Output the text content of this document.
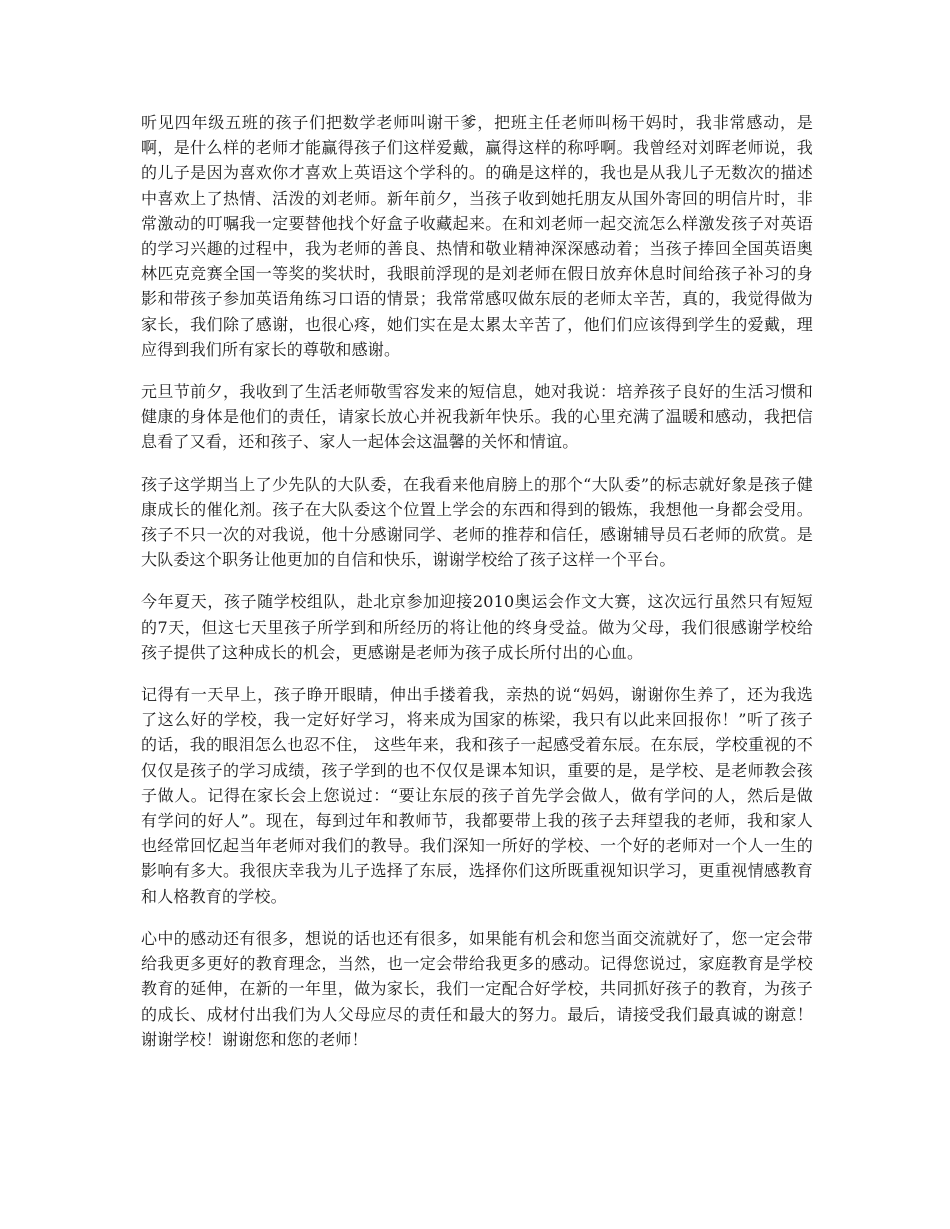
听见四年级五班的孩子们把数学老师叫谢干爹，把班主任老师叫杨干妈时，我非常感动，是啊，是什么样的老师才能赢得孩子们这样爱戴，赢得这样的称呼啊。我曾经对刘晖老师说，我的儿子是因为喜欢你才喜欢上英语这个学科的。的确是这样的，我也是从我儿子无数次的描述中喜欢上了热情、活泼的刘老师。新年前夕，当孩子收到她托朋友从国外寄回的明信片时，非常激动的叮嘱我一定要替他找个好盒子收藏起来。在和刘老师一起交流怎么样激发孩子对英语的学习兴趣的过程中，我为老师的善良、热情和敬业精神深深感动着；当孩子捧回全国英语奥林匹克竞赛全国一等奖的奖状时，我眼前浮现的是刘老师在假日放弃休息时间给孩子补习的身影和带孩子参加英语角练习口语的情景；我常常感叹做东辰的老师太辛苦，真的，我觉得做为家长，我们除了感谢，也很心疼，她们实在是太累太辛苦了，他们们应该得到学生的爱戴，理应得到我们所有家长的尊敬和感谢。

元旦节前夕，我收到了生活老师敬雪容发来的短信息，她对我说：培养孩子良好的生活习惯和健康的身体是他们的责任，请家长放心并祝我新年快乐。我的心里充满了温暖和感动，我把信息看了又看，还和孩子、家人一起体会这温馨的关怀和情谊。

孩子这学期当上了少先队的大队委，在我看来他肩膀上的那个“大队委”的标志就好象是孩子健康成长的催化剂。孩子在大队委这个位置上学会的东西和得到的锻炼，我想他一身都会受用。孩子不只一次的对我说，他十分感谢同学、老师的推荐和信任，感谢辅导员石老师的欣赏。是大队委这个职务让他更加的自信和快乐，谢谢学校给了孩子这样一个平台。

今年夏天，孩子随学校组队，赴北京参加迎接2010奥运会作文大赛，这次远行虽然只有短短的7天，但这七天里孩子所学到和所经历的将让他的终身受益。做为父母，我们很感谢学校给孩子提供了这种成长的机会，更感谢是老师为孩子成长所付出的心血。

记得有一天早上，孩子睁开眼睛，伸出手搂着我，亲热的说“妈妈，谢谢你生养了，还为我选了这么好的学校，我一定好好学习，将来成为国家的栋梁，我只有以此来回报你！”听了孩子的话，我的眼泪怎么也忍不住， 这些年来，我和孩子一起感受着东辰。在东辰，学校重视的不仅仅是孩子的学习成绩，孩子学到的也不仅仅是课本知识，重要的是，是学校、是老师教会孩子做人。记得在家长会上您说过：“要让东辰的孩子首先学会做人，做有学问的人，然后是做有学问的好人”。现在，每到过年和教师节，我都要带上我的孩子去拜望我的老师，我和家人也经常回忆起当年老师对我们的教导。我们深知一所好的学校、一个好的老师对一个人一生的影响有多大。我很庆幸我为儿子选择了东辰，选择你们这所既重视知识学习，更重视情感教育和人格教育的学校。

心中的感动还有很多，想说的话也还有很多，如果能有机会和您当面交流就好了，您一定会带给我更多更好的教育理念，当然，也一定会带给我更多的感动。记得您说过，家庭教育是学校教育的延伸，在新的一年里，做为家长，我们一定配合好学校，共同抓好孩子的教育，为孩子的成长、成材付出我们为人父母应尽的责任和最大的努力。最后，请接受我们最真诚的谢意！谢谢学校！谢谢您和您的老师！
